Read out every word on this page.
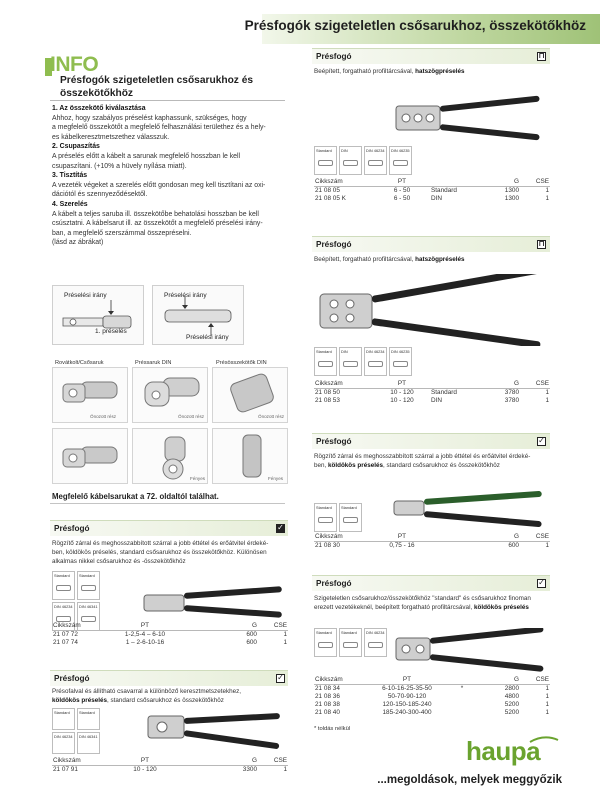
Présfogók szigeteletlen csősarukhoz, összekötőkhöz
INFO
Présfogók szigeteletlen csősarukhoz és összekötőkhöz
1. Az összekötő kiválasztása
Ahhoz, hogy szabályos préselést kaphassunk, szükséges, hogy
a megfelelő összekötőt a megfelelő felhasználási területhez és a hely-
es kábelkeresztmetszethez válasszuk.
2. Csupaszítás
A préselés előtt a kábelt a sarunak megfelelő hosszban le kell
csupaszítani. (+10% a hüvely nyílása miatt).
3. Tisztítás
A vezeték végeket a szerelés előtt gondosan meg kell tisztítani az oxi-
dációtól és szennyeződésektől.
4. Szerelés
A kábelt a teljes saruba ill. összekötőbe behatolási hosszban be kell
csúsztatni. A kábelsarut ill. az összekötőt a megfelelő préselési irány-
ban, a megfelelő szerszámmal összepréselni.
(lásd az ábrákat)
Préselési irány
1. préselés
Préselési irány
Préselési irány
Rovátkolt/Csősaruk	Préssaruk DIN	Présösszekötők DIN
Önozott rész	Önozott rész	Önozott rész
Fényes	Fényes
Megfelelő kábelsarukat a 72. oldaltól találhat.
Présfogó	⊓
Beépített, forgatható profiltárcsával, hatszögpréselés
Standard DIN	DIN 46234 DIN 46235
Cikkszám	PT		G	CSE
21 08 05	6 - 50	Standard	1300	1
21 08 05 K	6 - 50	DIN	1300	1
Présfogó	⊓
Beépített, forgatható profiltárcsával, hatszögpréselés
Standard DIN	DIN 46234 DIN 46235
Cikkszám	PT		G	CSE
21 08 50	10 - 120	Standard	3780	1
21 08 53	10 - 120	DIN	3780	1
Présfogó	✓
Rögzítő zárral és meghosszabbított szárral a jobb éttétel és erőátvitel érdeké-
ben, köldökös préselés, standard csősarukhoz és összekötőkhöz
Standard Standard
Cikkszám	PT		G	CSE
21 08 30	0,75 - 16		600	1
Présfogó	✓
Szigeteletlen csősarukhoz/összekötőkhöz "standard" és csősarukhoz finoman
erezett vezetékeknél, beépített forgatható profiltárcsával, köldökös préselés
Standard Standard DIN 46234
Cikkszám	PT		G	CSE
21 08 34	6-10-16-25-35-50	*	2800	1
21 08 36	50-70-90-120		4800	1
21 08 38	120-150-185-240		5200	1
21 08 40	185-240-300-400		5200	1
* toldás nélkül
Présfogó	✓
Rögzítő zárral és meghosszabbított szárral a jobb éttétel és erőátvitel érdeké-
ben, köldökös préselés, standard csősarukhoz és összekötőkhöz. Különösen
alkalmas nikkel csősarukhoz és -összekötőkhöz
Standard Standard
DIN 46234 DIN 46341
Cikkszám	PT		G	CSE
21 07 72	1-2,5-4 – 6-10		600	1
21 07 74	1 – 2-6-10-16		600	1
Présfogó	✓
Présofalval és állítható csavarral a különböző keresztmetszetekhez,
köldökös préselés, standard csősarukhoz és összekötőkhöz
Standard Standard
DIN 46234 DIN 46341
Cikkszám	PT		G	CSE
21 07 91	10 - 120		3300	1
haupa
...megoldások, melyek meggyőzik
